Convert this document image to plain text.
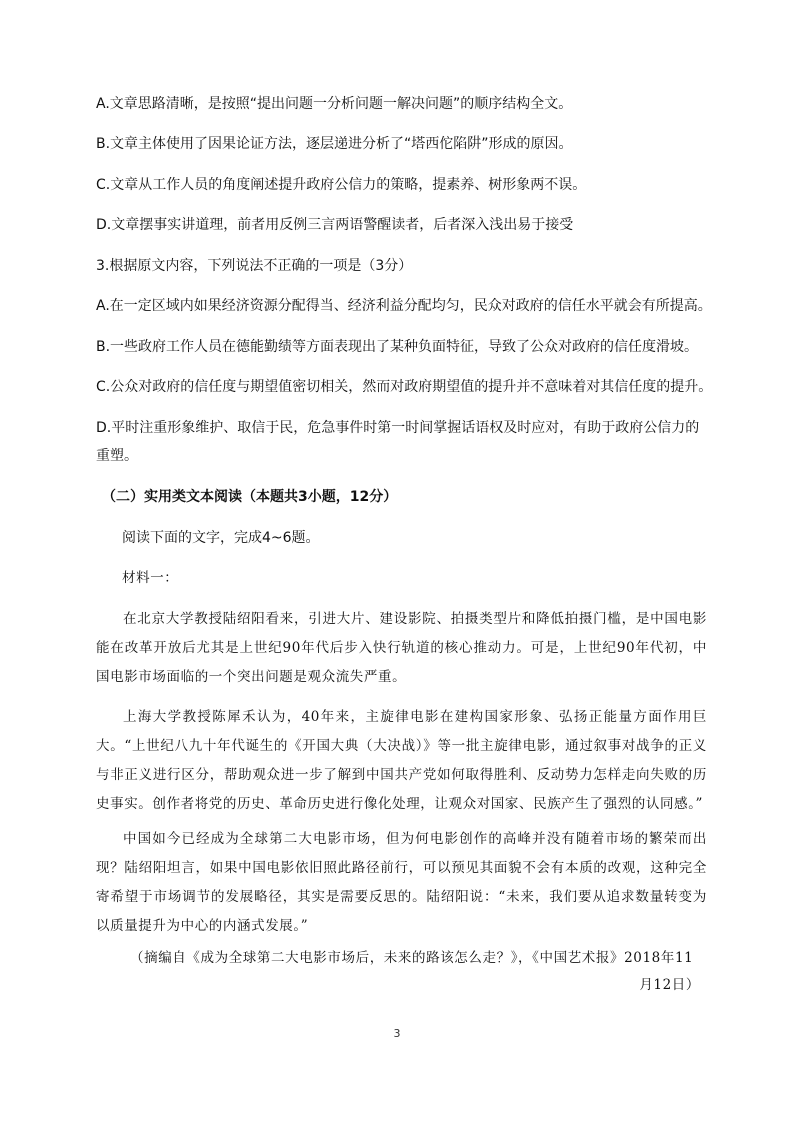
A.文章思路清晰，是按照“提出问题一分析问题一解决问题”的顺序结构全文。
B.文章主体使用了因果论证方法，逐层递进分析了“塔西佗陷阱”形成的原因。
C.文章从工作人员的角度阐述提升政府公信力的策略，提素养、树形象两不误。
D.文章摆事实讲道理，前者用反例三言两语警醒读者，后者深入浅出易于接受
3.根据原文内容，下列说法不正确的一项是（3分）
A.在一定区域内如果经济资源分配得当、经济利益分配均匀，民众对政府的信任水平就会有所提高。
B.一些政府工作人员在德能勤绩等方面表现出了某种负面特征，导致了公众对政府的信任度滑坡。
C.公众对政府的信任度与期望值密切相关，然而对政府期望值的提升并不意味着对其信任度的提升。
D.平时注重形象维护、取信于民，危急事件时第一时间掌握话语权及时应对，有助于政府公信力的
重塑。
（二）实用类文本阅读（本题共3小题，12分）
阅读下面的文字，完成4~6题。
材料一：
在北京大学教授陆绍阳看来，引进大片、建设影院、拍摄类型片和降低拍摄门槛，是中国电影能在改革开放后尤其是上世纪90年代后步入快行轨道的核心推动力。可是，上世纪90年代初，中国电影市场面临的一个突出问题是观众流失严重。
上海大学教授陈犀禾认为，40年来，主旋律电影在建构国家形象、弘扬正能量方面作用巨大。“上世纪八九十年代诞生的《开国大典（大决战）》等一批主旋律电影，通过叙事对战争的正义与非正义进行区分，帮助观众进一步了解到中国共产党如何取得胜利、反动势力怎样走向失败的历史事实。创作者将党的历史、革命历史进行像化处理，让观众对国家、民族产生了强烈的认同感。”
中国如今已经成为全球第二大电影市场，但为何电影创作的高峰并没有随着市场的繁荣而出现？陆绍阳坦言，如果中国电影依旧照此路径前行，可以预见其面貌不会有本质的改观，这种完全寄希望于市场调节的发展略径，其实是需要反思的。陆绍阳说：“未来，我们要从追求数量转变为以质量提升为中心的内涵式发展。”
（摘编自《成为全球第二大电影市场后，未来的路该怎么走？》，《中国艺术报》2018年11
月12日）
3
